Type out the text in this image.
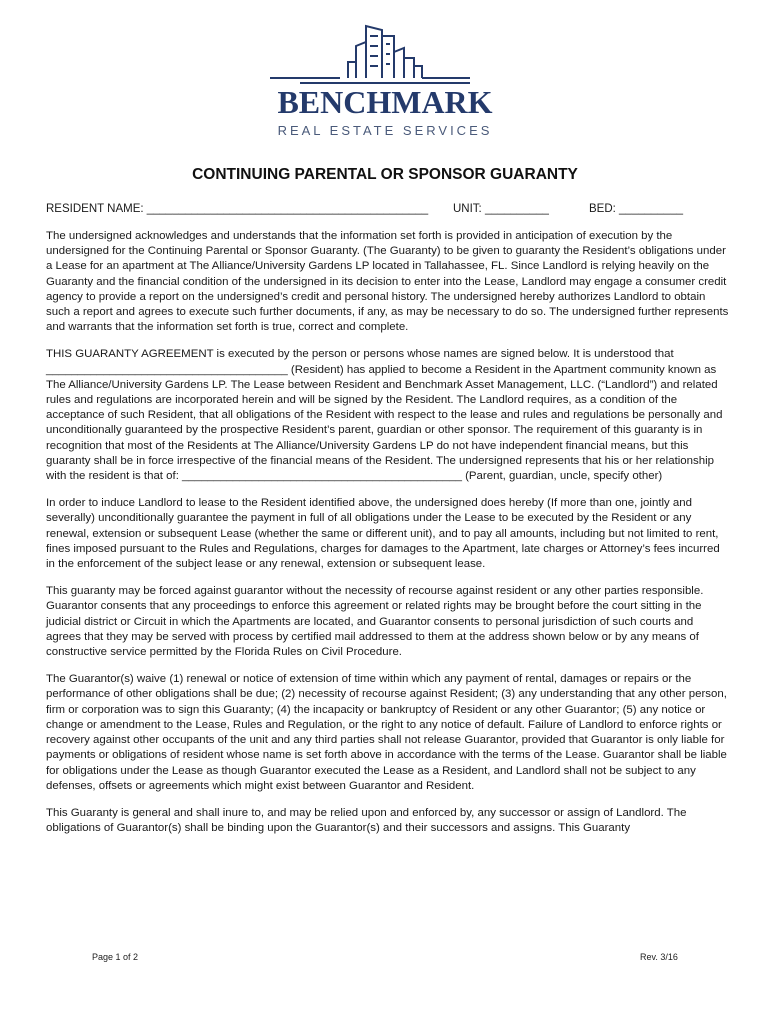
BENCHMARK
REAL ESTATE SERVICES
CONTINUING PARENTAL OR SPONSOR GUARANTY
RESIDENT NAME: ____________________________________________ UNIT: __________	BED: __________

The undersigned acknowledges and understands that the information set forth is provided in anticipation of execution by the undersigned for the Continuing Parental or Sponsor Guaranty. (The Guaranty) to be given to guaranty the Resident’s obligations under a Lease for an apartment at The Alliance/University Gardens LP located in Tallahassee, FL. Since Landlord is relying heavily on the Guaranty and the financial condition of the undersigned in its decision to enter into the Lease, Landlord may engage a consumer credit agency to provide a report on the undersigned’s credit and personal history. The undersigned hereby authorizes Landlord to obtain such a report and agrees to execute such further documents, if any, as may be necessary to do so. The undersigned further represents and warrants that the information set forth is true, correct and complete.

THIS GUARANTY AGREEMENT is executed by the person or persons whose names are signed below. It is understood that ______________________________________ (Resident) has applied to become a Resident in the Apartment community known as The Alliance/University Gardens LP. The Lease between Resident and Benchmark Asset Management, LLC. (“Landlord”) and related rules and regulations are incorporated herein and will be signed by the Resident. The Landlord requires, as a condition of the acceptance of such Resident, that all obligations of the Resident with respect to the lease and rules and regulations be personally and unconditionally guaranteed by the prospective Resident’s parent, guardian or other sponsor. The requirement of this guaranty is in recognition that most of the Residents at The Alliance/University Gardens LP do not have independent financial means, but this guaranty shall be in force irrespective of the financial means of the Resident. The undersigned represents that his or her relationship with the resident is that of: ____________________________________________ (Parent, guardian, uncle, specify other)

In order to induce Landlord to lease to the Resident identified above, the undersigned does hereby (If more than one, jointly and severally) unconditionally guarantee the payment in full of all obligations under the Lease to be executed by the Resident or any renewal, extension or subsequent Lease (whether the same or different unit), and to pay all amounts, including but not limited to rent, fines imposed pursuant to the Rules and Regulations, charges for damages to the Apartment, late charges or Attorney’s fees incurred in the enforcement of the subject lease or any renewal, extension or subsequent lease.

This guaranty may be forced against guarantor without the necessity of recourse against resident or any other parties responsible. Guarantor consents that any proceedings to enforce this agreement or related rights may be brought before the court sitting in the judicial district or Circuit in which the Apartments are located, and Guarantor consents to personal jurisdiction of such courts and agrees that they may be served with process by certified mail addressed to them at the address shown below or by any means of constructive service permitted by the Florida Rules on Civil Procedure.

The Guarantor(s) waive (1) renewal or notice of extension of time within which any payment of rental, damages or repairs or the performance of other obligations shall be due; (2) necessity of recourse against Resident; (3) any understanding that any other person, firm or corporation was to sign this Guaranty; (4) the incapacity or bankruptcy of Resident or any other Guarantor; (5) any notice or change or amendment to the Lease, Rules and Regulation, or the right to any notice of default. Failure of Landlord to enforce rights or recovery against other occupants of the unit and any third parties shall not release Guarantor, provided that Guarantor is only liable for payments or obligations of resident whose name is set forth above in accordance with the terms of the Lease. Guarantor shall be liable for obligations under the Lease as though Guarantor executed the Lease as a Resident, and Landlord shall not be subject to any defenses, offsets or agreements which might exist between Guarantor and Resident.

This Guaranty is general and shall inure to, and may be relied upon and enforced by, any successor or assign of Landlord. The obligations of Guarantor(s) shall be binding upon the Guarantor(s) and their successors and assigns. This Guaranty

Page 1 of 2	Rev. 3/16
